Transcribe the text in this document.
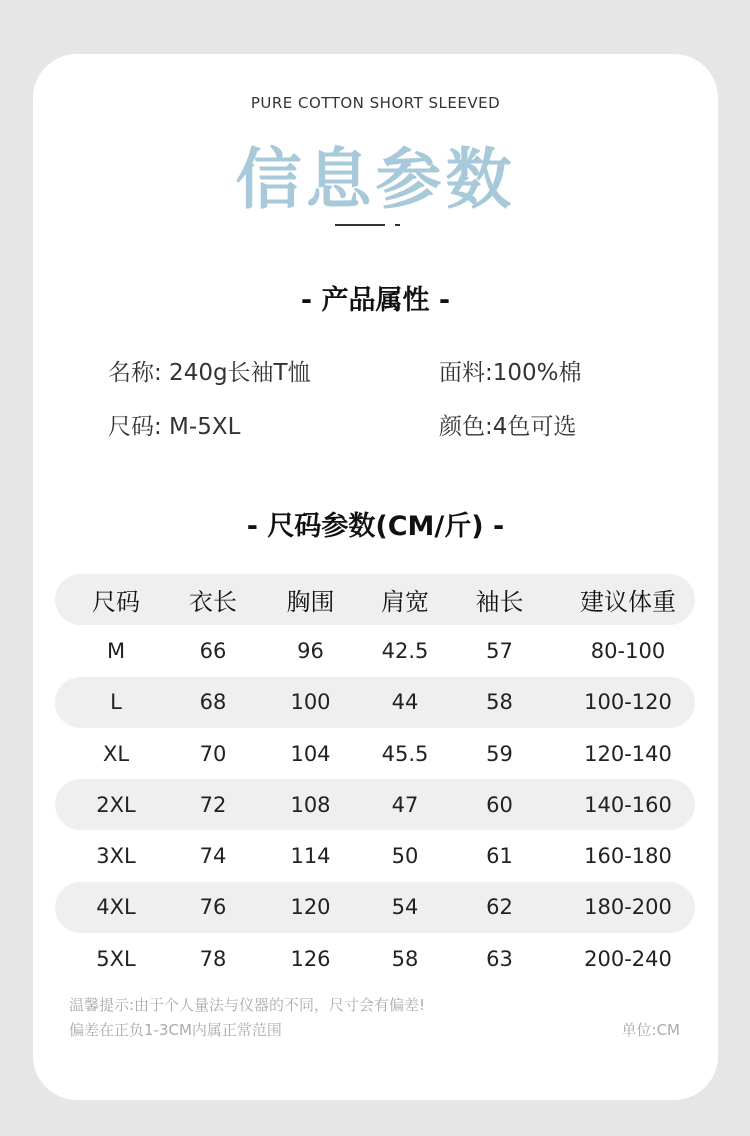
PURE COTTON SHORT SLEEVED
信息参数
- 产品属性 -
名称: 240g长袖T恤	面料:100%棉
尺码: M-5XL	颜色:4色可选
- 尺码参数(CM/斤) -
尺码	衣长	胸围	肩宽	袖长	建议体重
M	66	96	42.5	57	80-100
L	68	100	44	58	100-120
XL	70	104	45.5	59	120-140
2XL	72	108	47	60	140-160
3XL	74	114	50	61	160-180
4XL	76	120	54	62	180-200
5XL	78	126	58	63	200-240
温馨提示:由于个人量法与仪器的不同，尺寸会有偏差!
偏差在正负1-3CM内属正常范围	单位:CM
